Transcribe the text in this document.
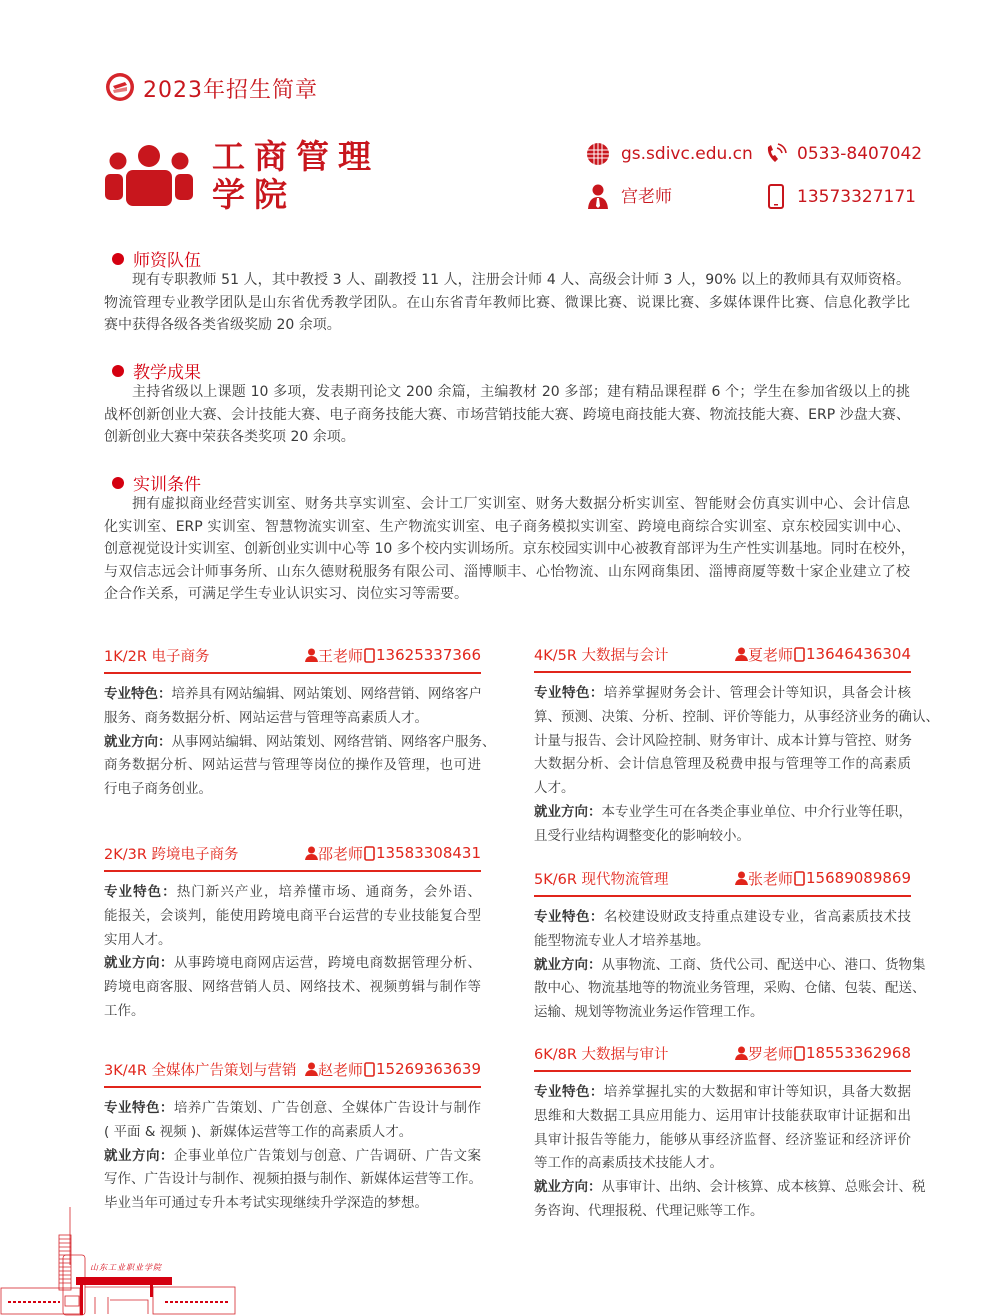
2023年招生简章
工商管理
学院
gs.sdivc.edu.cn	0533-8407042
宫老师	13573327171
师资队伍
现有专职教师 51 人，其中教授 3 人、副教授 11 人，注册会计师 4 人、高级会计师 3 人，90% 以上的教师具有双师资格。
物流管理专业教学团队是山东省优秀教学团队。在山东省青年教师比赛、微课比赛、说课比赛、多媒体课件比赛、信息化教学比
赛中获得各级各类省级奖励 20 余项。
教学成果
主持省级以上课题 10 多项，发表期刊论文 200 余篇，主编教材 20 多部；建有精品课程群 6 个；学生在参加省级以上的挑
战杯创新创业大赛、会计技能大赛、电子商务技能大赛、市场营销技能大赛、跨境电商技能大赛、物流技能大赛、ERP 沙盘大赛、
创新创业大赛中荣获各类奖项 20 余项。
实训条件
拥有虚拟商业经营实训室、财务共享实训室、会计工厂实训室、财务大数据分析实训室、智能财会仿真实训中心、会计信息
化实训室、ERP 实训室、智慧物流实训室、生产物流实训室、电子商务模拟实训室、跨境电商综合实训室、京东校园实训中心、
创意视觉设计实训室、创新创业实训中心等 10 多个校内实训场所。京东校园实训中心被教育部评为生产性实训基地。同时在校外，
与双信志远会计师事务所、山东久德财税服务有限公司、淄博顺丰、心怡物流、山东网商集团、淄博商厦等数十家企业建立了校
企合作关系，可满足学生专业认识实习、岗位实习等需要。
1K/2R 电子商务	王老师 13625337366
专业特色：培养具有网站编辑、网站策划、网络营销、网络客户
服务、商务数据分析、网站运营与管理等高素质人才。
就业方向：从事网站编辑、网站策划、网络营销、网络客户服务、
商务数据分析、网站运营与管理等岗位的操作及管理，也可进
行电子商务创业。
2K/3R 跨境电子商务	邵老师 13583308431
专业特色：热门新兴产业，培养懂市场、通商务，会外语、
能报关，会谈判，能使用跨境电商平台运营的专业技能复合型
实用人才。
就业方向：从事跨境电商网店运营，跨境电商数据管理分析、
跨境电商客服、网络营销人员、网络技术、视频剪辑与制作等
工作。
3K/4R 全媒体广告策划与营销 赵老师 15269363639
专业特色：培养广告策划、广告创意、全媒体广告设计与制作
( 平面 & 视频 )、新媒体运营等工作的高素质人才。
就业方向：企事业单位广告策划与创意、广告调研、广告文案
写作、广告设计与制作、视频拍摄与制作、新媒体运营等工作。
毕业当年可通过专升本考试实现继续升学深造的梦想。
4K/5R 大数据与会计	夏老师 13646436304
专业特色：培养掌握财务会计、管理会计等知识，具备会计核
算、预测、决策、分析、控制、评价等能力，从事经济业务的确认、
计量与报告、会计风险控制、财务审计、成本计算与管控、财务
大数据分析、会计信息管理及税费申报与管理等工作的高素质
人才。
就业方向：本专业学生可在各类企事业单位、中介行业等任职，
且受行业结构调整变化的影响较小。
5K/6R 现代物流管理	张老师 15689089869
专业特色：名校建设财政支持重点建设专业，省高素质技术技
能型物流专业人才培养基地。
就业方向：从事物流、工商、货代公司、配送中心、港口、货物集
散中心、物流基地等的物流业务管理，采购、仓储、包装、配送、
运输、规划等物流业务运作管理工作。
6K/8R 大数据与审计	罗老师 18553362968
专业特色：培养掌握扎实的大数据和审计等知识，具备大数据
思维和大数据工具应用能力、运用审计技能获取审计证据和出
具审计报告等能力，能够从事经济监督、经济鉴证和经济评价
等工作的高素质技术技能人才。
就业方向：从事审计、出纳、会计核算、成本核算、总账会计、税
务咨询、代理报税、代理记账等工作。
山东工业职业学院
